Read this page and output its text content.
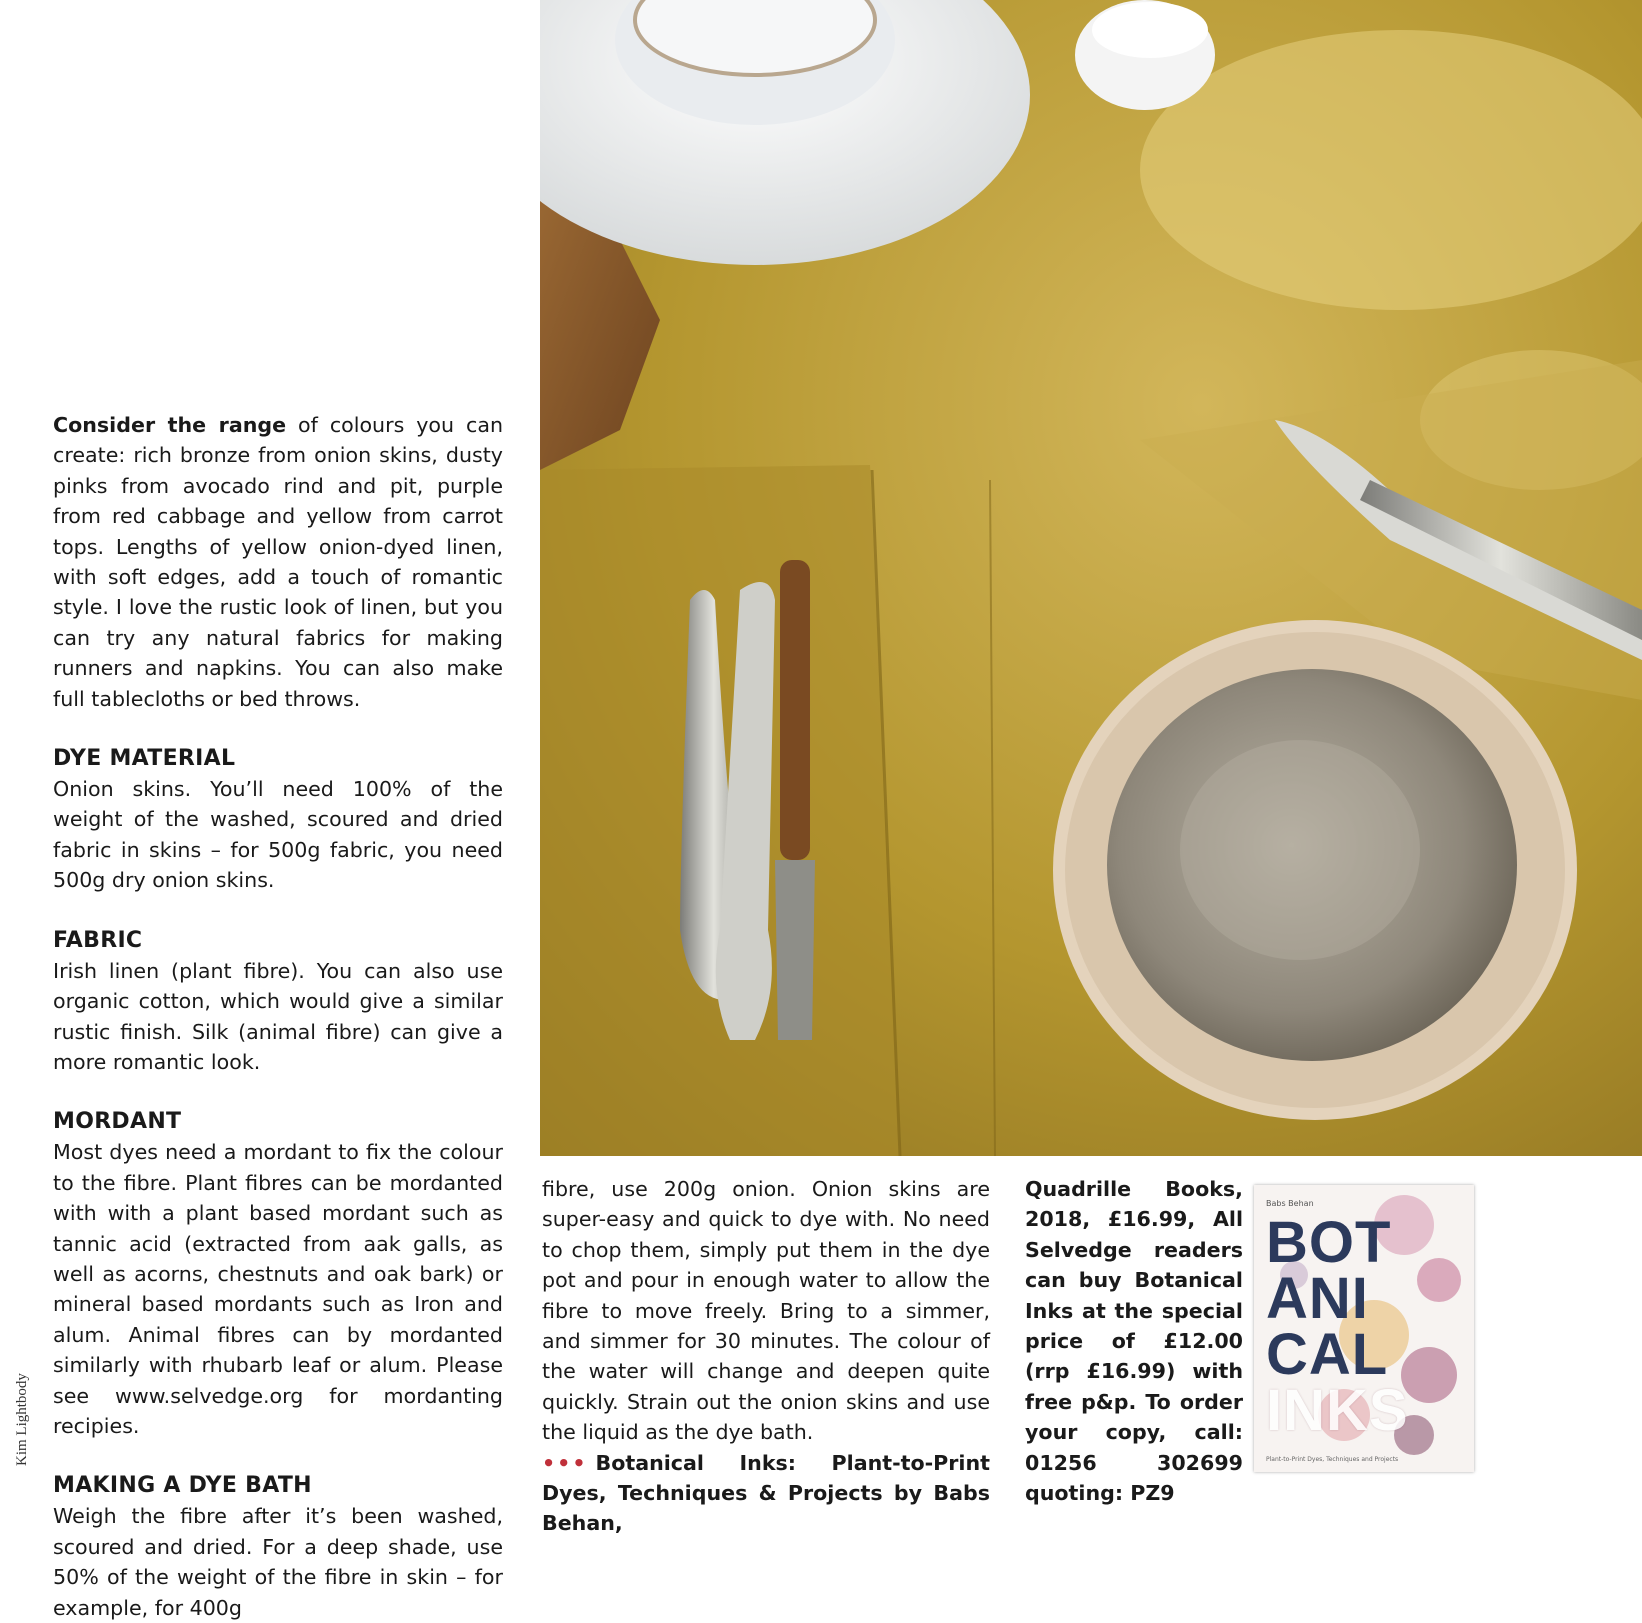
Consider the range of colours you can create: rich bronze from onion skins, dusty pinks from avocado rind and pit, purple from red cabbage and yellow from carrot tops. Lengths of yellow onion-dyed linen, with soft edges, add a touch of romantic style. I love the rustic look of linen, but you can try any natural fabrics for making runners and napkins. You can also make full tablecloths or bed throws.

DYE MATERIAL

Onion skins. You’ll need 100% of the weight of the washed, scoured and dried fabric in skins – for 500g fabric, you need 500g dry onion skins.

FABRIC

Irish linen (plant fibre). You can also use organic cotton, which would give a similar rustic finish. Silk (animal fibre) can give a more romantic look.

MORDANT

Most dyes need a mordant to fix the colour to the fibre. Plant fibres can be mordanted with with a plant based mordant such as tannic acid (extracted from aak galls, as well as acorns, chestnuts and oak bark) or mineral based mordants such as Iron and alum. Animal fibres can by mordanted similarly with rhubarb leaf or alum. Please see www.selvedge.org for mordanting recipies.

MAKING A DYE BATH

Weigh the fibre after it’s been washed, scoured and dried. For a deep shade, use 50% of the weight of the fibre in skin – for example, for 400g

fibre, use 200g onion. Onion skins are super-easy and quick to dye with. No need to chop them, simply put them in the dye pot and pour in enough water to allow the fibre to move freely. Bring to a simmer, and simmer for 30 minutes. The colour of the water will change and deepen quite quickly. Strain out the onion skins and use the liquid as the dye bath.

••• Botanical Inks: Plant-to-Print Dyes, Techniques & Projects by Babs Behan,

Quadrille Books, 2018, £16.99, All Selvedge readers can buy Botanical Inks at the special price of £12.00 (rrp £16.99) with free p&p. To order your copy, call: 01256 302699 quoting: PZ9

Babs Behan
BOT
ANI
CAL
INKS
Plant-to-Print Dyes, Techniques and Projects
Kim Lightbody
